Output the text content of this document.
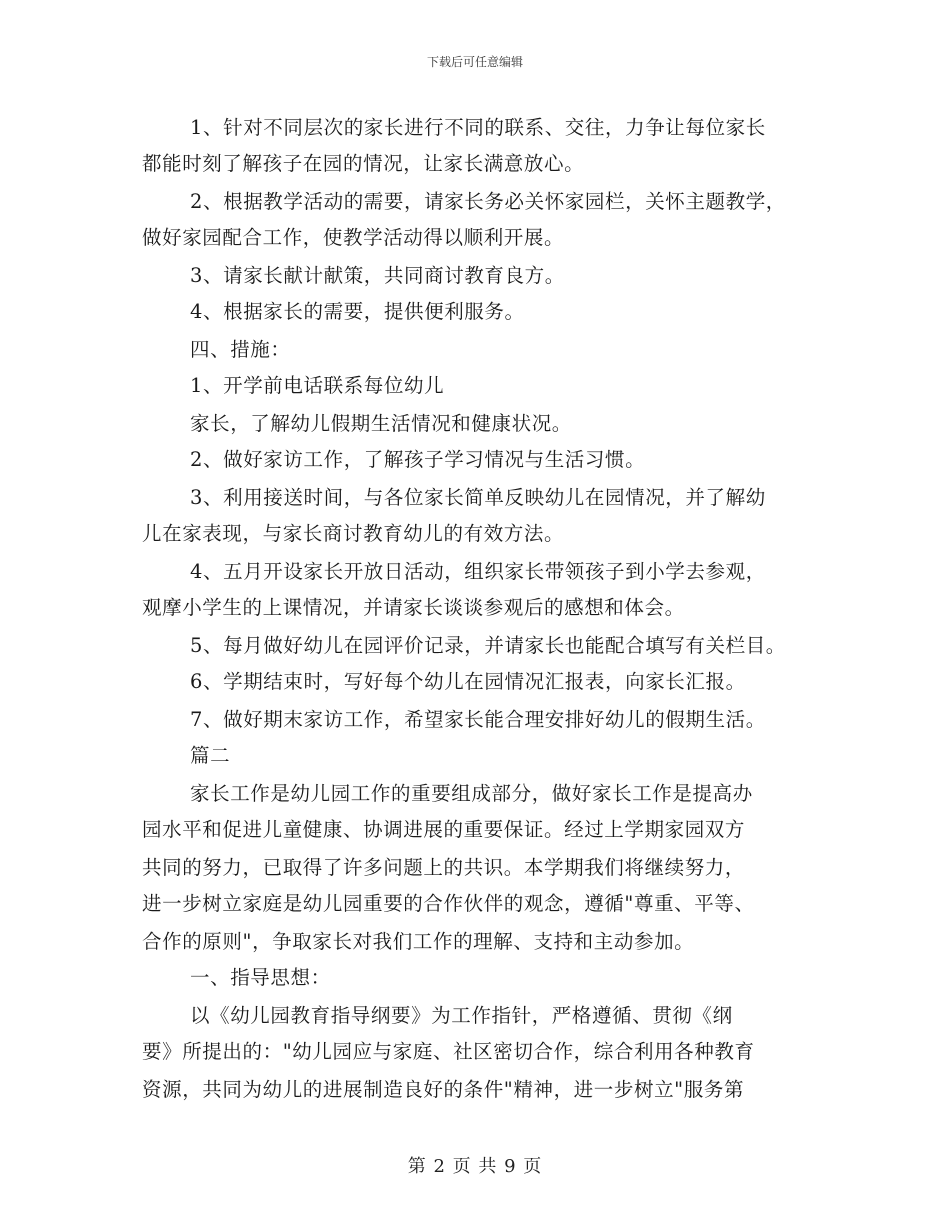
下载后可任意编辑
1、针对不同层次的家长进行不同的联系、交往，力争让每位家长
都能时刻了解孩子在园的情况，让家长满意放心。
2、根据教学活动的需要，请家长务必关怀家园栏，关怀主题教学，
做好家园配合工作，使教学活动得以顺利开展。
3、请家长献计献策，共同商讨教育良方。
4、根据家长的需要，提供便利服务。
四、措施：
1、开学前电话联系每位幼儿
家长，了解幼儿假期生活情况和健康状况。
2、做好家访工作，了解孩子学习情况与生活习惯。
3、利用接送时间，与各位家长简单反映幼儿在园情况，并了解幼
儿在家表现，与家长商讨教育幼儿的有效方法。
4、五月开设家长开放日活动，组织家长带领孩子到小学去参观，
观摩小学生的上课情况，并请家长谈谈参观后的感想和体会。
5、每月做好幼儿在园评价记录，并请家长也能配合填写有关栏目。
6、学期结束时，写好每个幼儿在园情况汇报表，向家长汇报。
7、做好期末家访工作，希望家长能合理安排好幼儿的假期生活。
篇二
家长工作是幼儿园工作的重要组成部分，做好家长工作是提高办
园水平和促进儿童健康、协调进展的重要保证。经过上学期家园双方
共同的努力，已取得了许多问题上的共识。本学期我们将继续努力，
进一步树立家庭是幼儿园重要的合作伙伴的观念，遵循"尊重、平等、
合作的原则"，争取家长对我们工作的理解、支持和主动参加。
一、指导思想：
以《幼儿园教育指导纲要》为工作指针，严格遵循、贯彻《纲
要》所提出的："幼儿园应与家庭、社区密切合作，综合利用各种教育
资源，共同为幼儿的进展制造良好的条件"精神，进一步树立"服务第
第 2 页 共 9 页
